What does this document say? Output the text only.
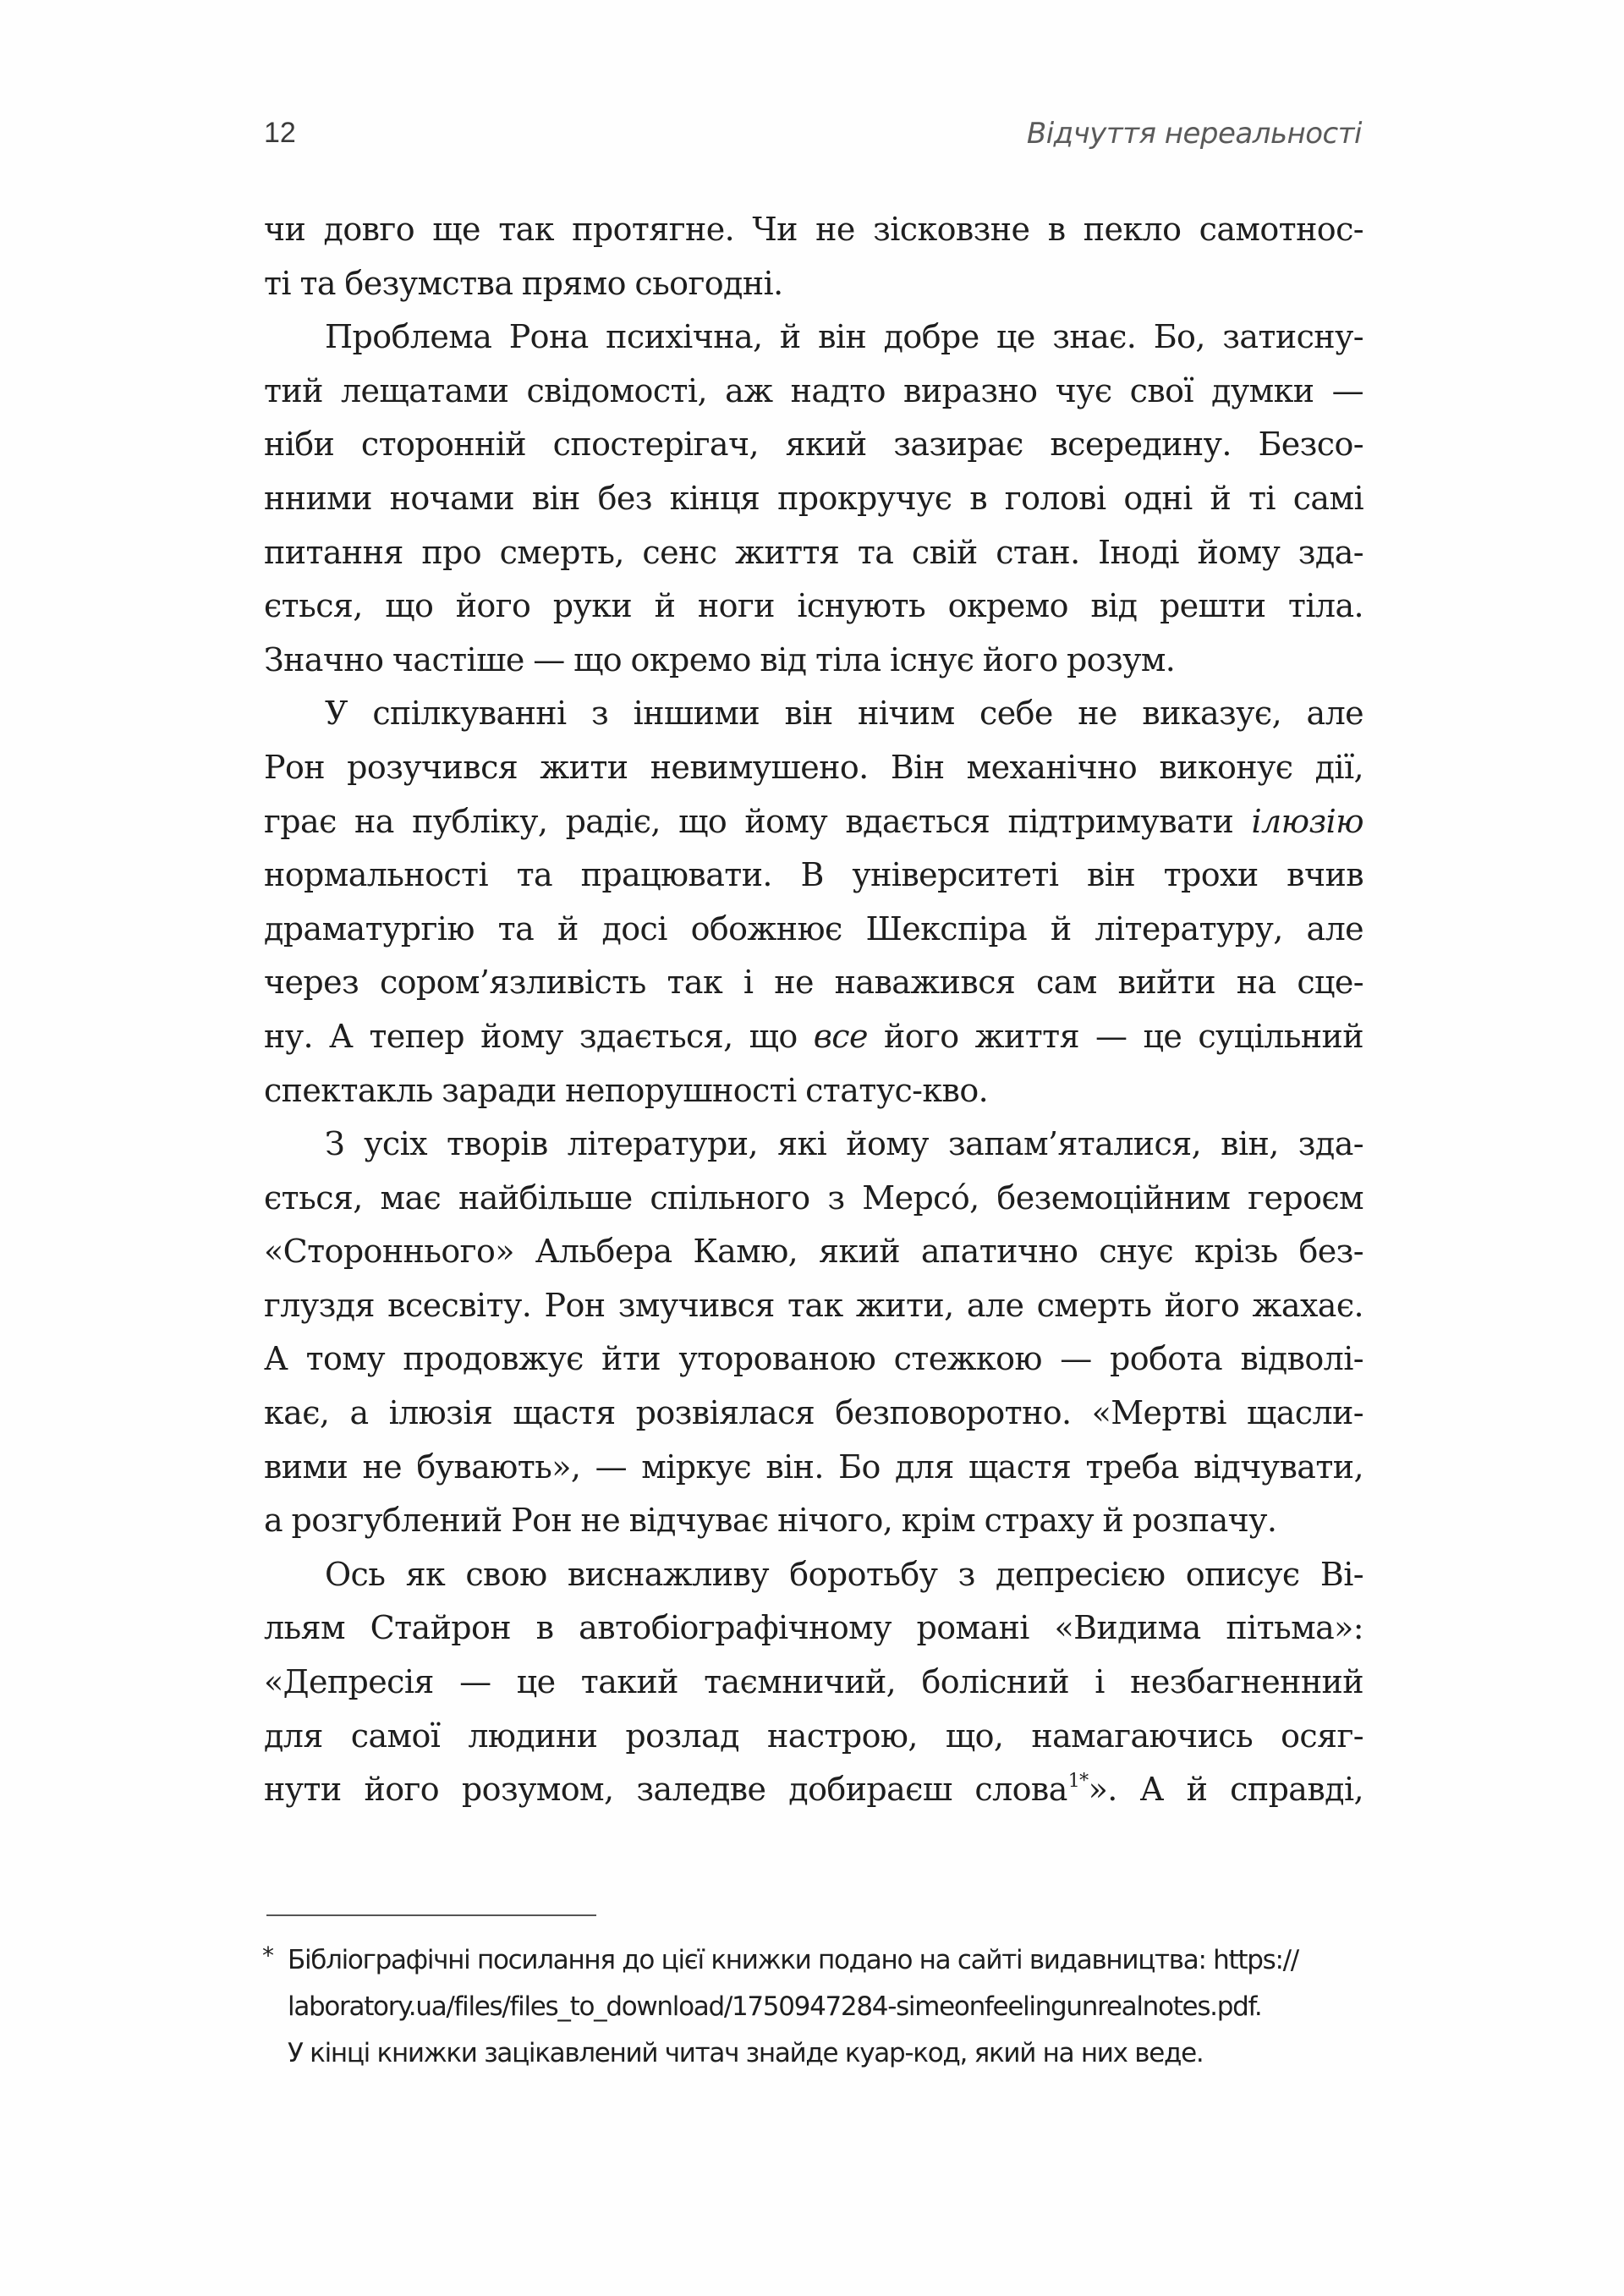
12	Відчуття нереальності
чи довго ще так протягне. Чи не зісковзне в пекло самотнос-
ті та безумства прямо сьогодні.
Проблема Рона психічна, й він добре це знає. Бо, затисну-
тий лещатами свідомості, аж надто виразно чує свої думки —
ніби сторонній спостерігач, який зазирає всередину. Безсо-
нними ночами він без кінця прокручує в голові одні й ті самі
питання про смерть, сенс життя та свій стан. Іноді йому зда-
ється, що його руки й ноги існують окремо від решти тіла.
Значно частіше — що окремо від тіла існує його розум.
У спілкуванні з іншими він нічим себе не виказує, але
Рон розучився жити невимушено. Він механічно виконує дії,
грає на публіку, радіє, що йому вдається підтримувати ілюзію
нормальності та працювати. В університеті він трохи вчив
драматургію та й досі обожнює Шекспіра й літературу, але
через сором’язливість так і не наважився сам вийти на сце-
ну. А тепер йому здається, що все його життя — це суцільний
спектакль заради непорушності статус-кво.
З усіх творів літератури, які йому запам’яталися, він, зда-
ється, має найбільше спільного з Мерсó, беземоційним героєм
«Стороннього» Альбера Камю, який апатично снує крізь без-
глуздя всесвіту. Рон змучився так жити, але смерть його жахає.
А тому продовжує йти уторованою стежкою — робота відволі-
кає, а ілюзія щастя розвіялася безповоротно. «Мертві щасли-
вими не бувають», — міркує він. Бо для щастя треба відчувати,
а розгублений Рон не відчуває нічого, крім страху й розпачу.
Ось як свою виснажливу боротьбу з депресією описує Ві-
льям Стайрон в автобіографічному романі «Видима пітьма»:
«Депресія — це такий таємничий, болісний і незбагненний
для самої людини розлад настрою, що, намагаючись осяг-
нути його розумом, заледве добираєш слова$^{1*}$». А й справді,
* Бібліографічні посилання до цієї книжки подано на сайті видавництва: https://
laboratory.ua/files/files_to_download/1750947284-simeonfeelingunrealnotes.pdf.
У кінці книжки зацікавлений читач знайде куар-код, який на них веде.
